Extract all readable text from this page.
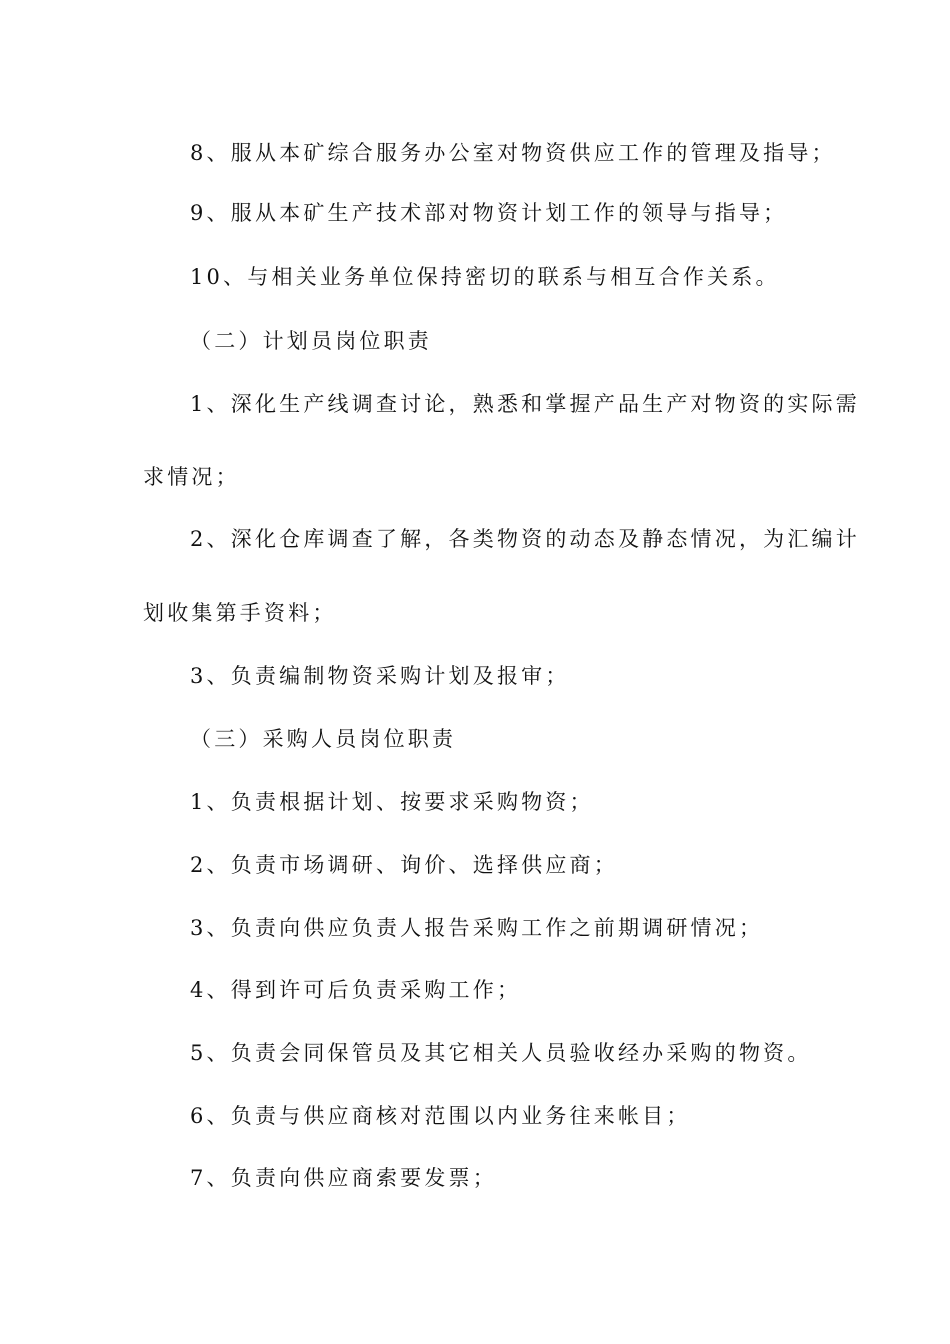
8、服从本矿综合服务办公室对物资供应工作的管理及指导；
9、服从本矿生产技术部对物资计划工作的领导与指导；
10、与相关业务单位保持密切的联系与相互合作关系。
（二）计划员岗位职责
1、深化生产线调查讨论，熟悉和掌握产品生产对物资的实际需
求情况；
2、深化仓库调查了解，各类物资的动态及静态情况，为汇编计
划收集第手资料；
3、负责编制物资采购计划及报审；
（三）采购人员岗位职责
1、负责根据计划、按要求采购物资；
2、负责市场调研、询价、选择供应商；
3、负责向供应负责人报告采购工作之前期调研情况；
4、得到许可后负责采购工作；
5、负责会同保管员及其它相关人员验收经办采购的物资。
6、负责与供应商核对范围以内业务往来帐目；
7、负责向供应商索要发票；
